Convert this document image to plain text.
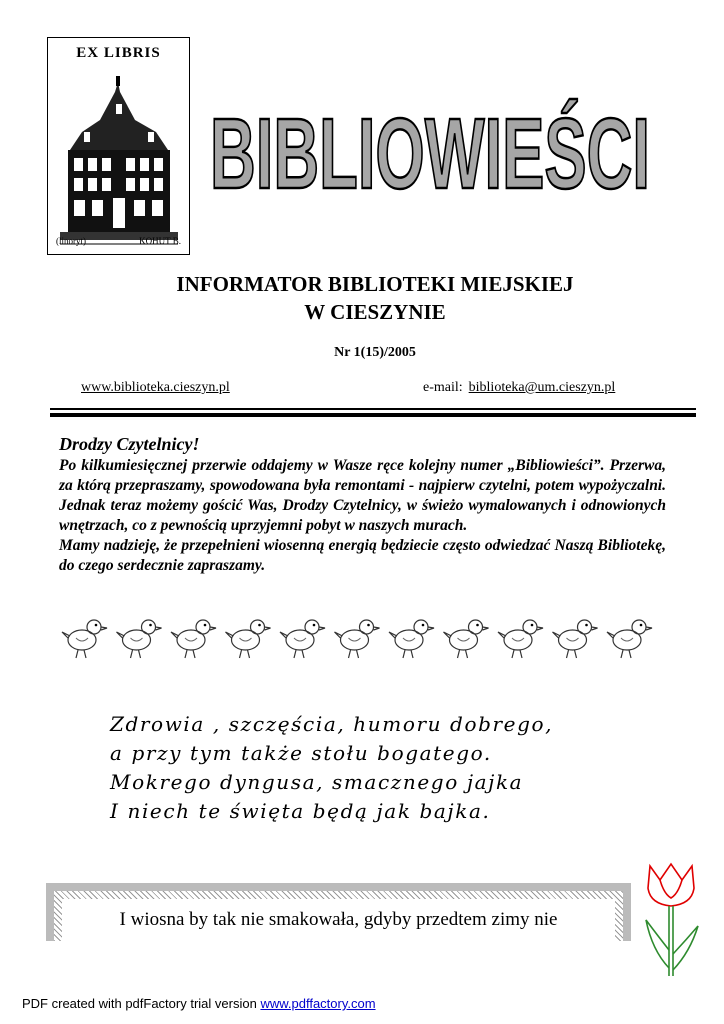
EX LIBRIS
(linoryt)	KOHUT B.
BIBLIOWIEŚCI
INFORMATOR BIBLIOTEKI MIEJSKIEJ
W CIESZYNIE
Nr 1(15)/2005
www.biblioteka.cieszyn.pl	e-mail: biblioteka@um.cieszyn.pl
Drodzy Czytelnicy!

Po kilkumiesięcznej przerwie oddajemy w Wasze ręce kolejny numer „Bibliowieści”. Przerwa, za którą przepraszamy, spowodowana była remontami - najpierw czytelni, potem wypożyczalni. Jednak teraz możemy gościć Was, Drodzy Czytelnicy, w świeżo wymalowanych i odnowionych wnętrzach, co z pewnością uprzyjemni pobyt w naszych murach.

Mamy nadzieję, że przepełnieni wiosenną energią będziecie często odwiedzać Naszą Bibliotekę, do czego serdecznie zapraszamy.

Zdrowia , szczęścia, humoru dobrego,
a przy tym także stołu bogatego.
Mokrego dyngusa, smacznego jajka
I niech te święta będą jak bajka.
I wiosna by tak nie smakowała, gdyby przedtem zimy nie
PDF created with pdfFactory trial version www.pdffactory.com
